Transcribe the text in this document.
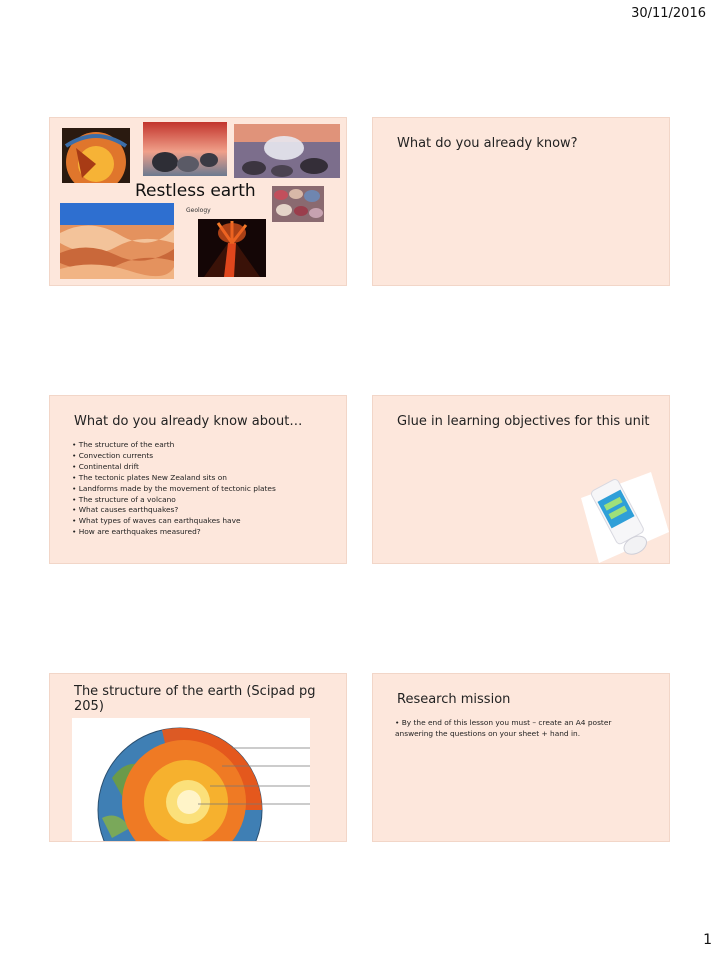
30/11/2016
Restless earth
Geology
What do you already know?
What do you already know about…
• The structure of the earth
• Convection currents
• Continental drift
• The tectonic plates New Zealand sits on
• Landforms made by the movement of tectonic plates
• The structure of a volcano
• What causes earthquakes?
• What types of waves can earthquakes have
• How are earthquakes measured?
Glue in learning objectives for this unit
The structure of the earth (Scipad pg 205)	Research mission
• By the end of this lesson you must – create an A4 poster answering the questions on your sheet + hand in.
1
